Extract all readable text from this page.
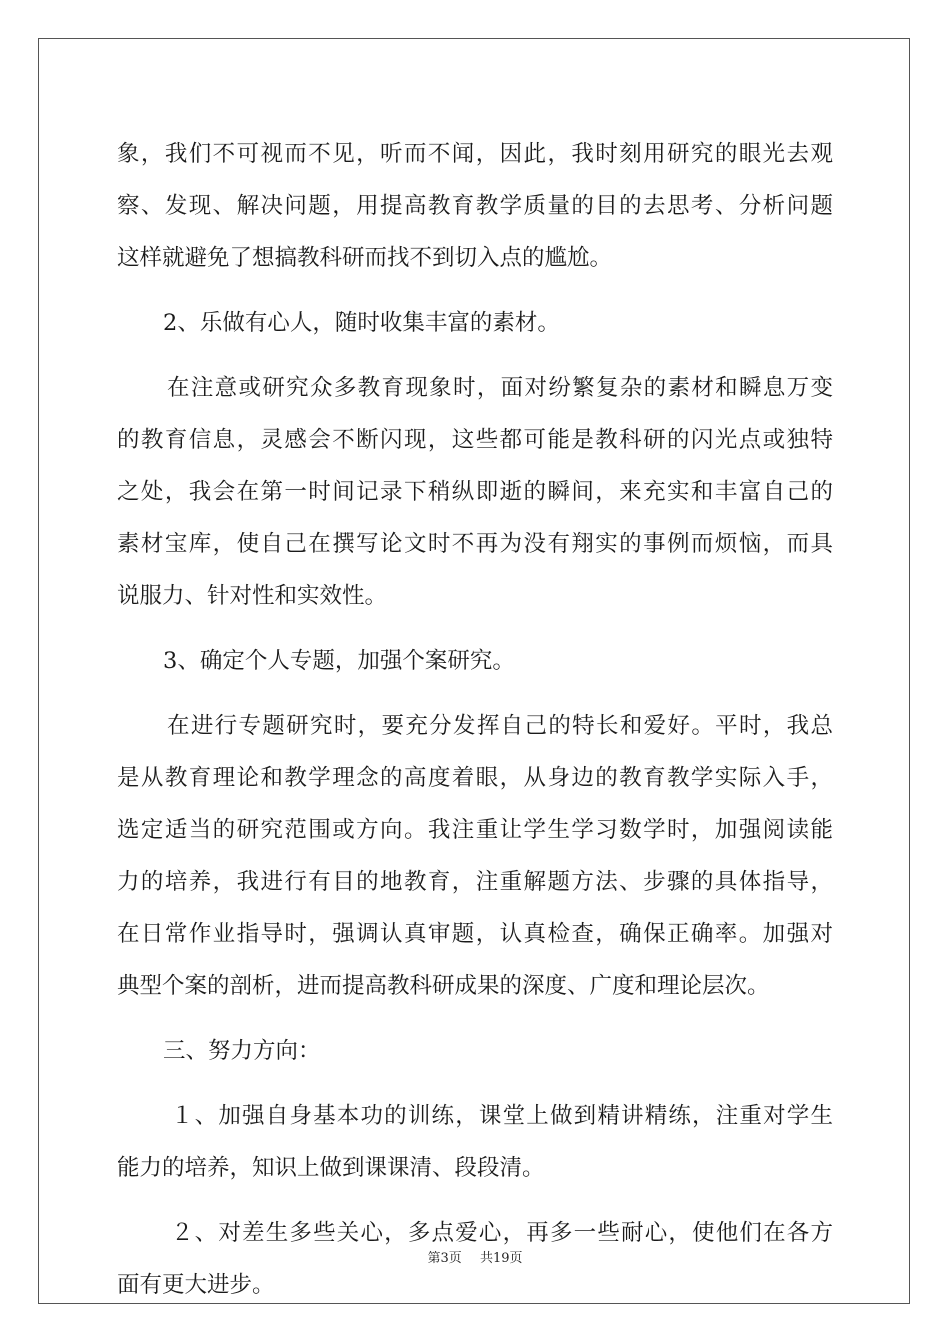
象，我们不可视而不见，听而不闻，因此，我时刻用研究的眼光去观
察、发现、解决问题，用提高教育教学质量的目的去思考、分析问题
这样就避免了想搞教科研而找不到切入点的尴尬。
2、乐做有心人，随时收集丰富的素材。
在注意或研究众多教育现象时，面对纷繁复杂的素材和瞬息万变
的教育信息，灵感会不断闪现，这些都可能是教科研的闪光点或独特
之处，我会在第一时间记录下稍纵即逝的瞬间，来充实和丰富自己的
素材宝库，使自己在撰写论文时不再为没有翔实的事例而烦恼，而具
说服力、针对性和实效性。
3、确定个人专题，加强个案研究。
在进行专题研究时，要充分发挥自己的特长和爱好。平时，我总
是从教育理论和教学理念的高度着眼，从身边的教育教学实际入手，
选定适当的研究范围或方向。我注重让学生学习数学时，加强阅读能
力的培养，我进行有目的地教育，注重解题方法、步骤的具体指导，
在日常作业指导时，强调认真审题，认真检查，确保正确率。加强对
典型个案的剖析，进而提高教科研成果的深度、广度和理论层次。
三、努力方向：
１、加强自身基本功的训练，课堂上做到精讲精练，注重对学生
能力的培养，知识上做到课课清、段段清。
２、对差生多些关心，多点爱心，再多一些耐心，使他们在各方
面有更大进步。
第3页 共19页
